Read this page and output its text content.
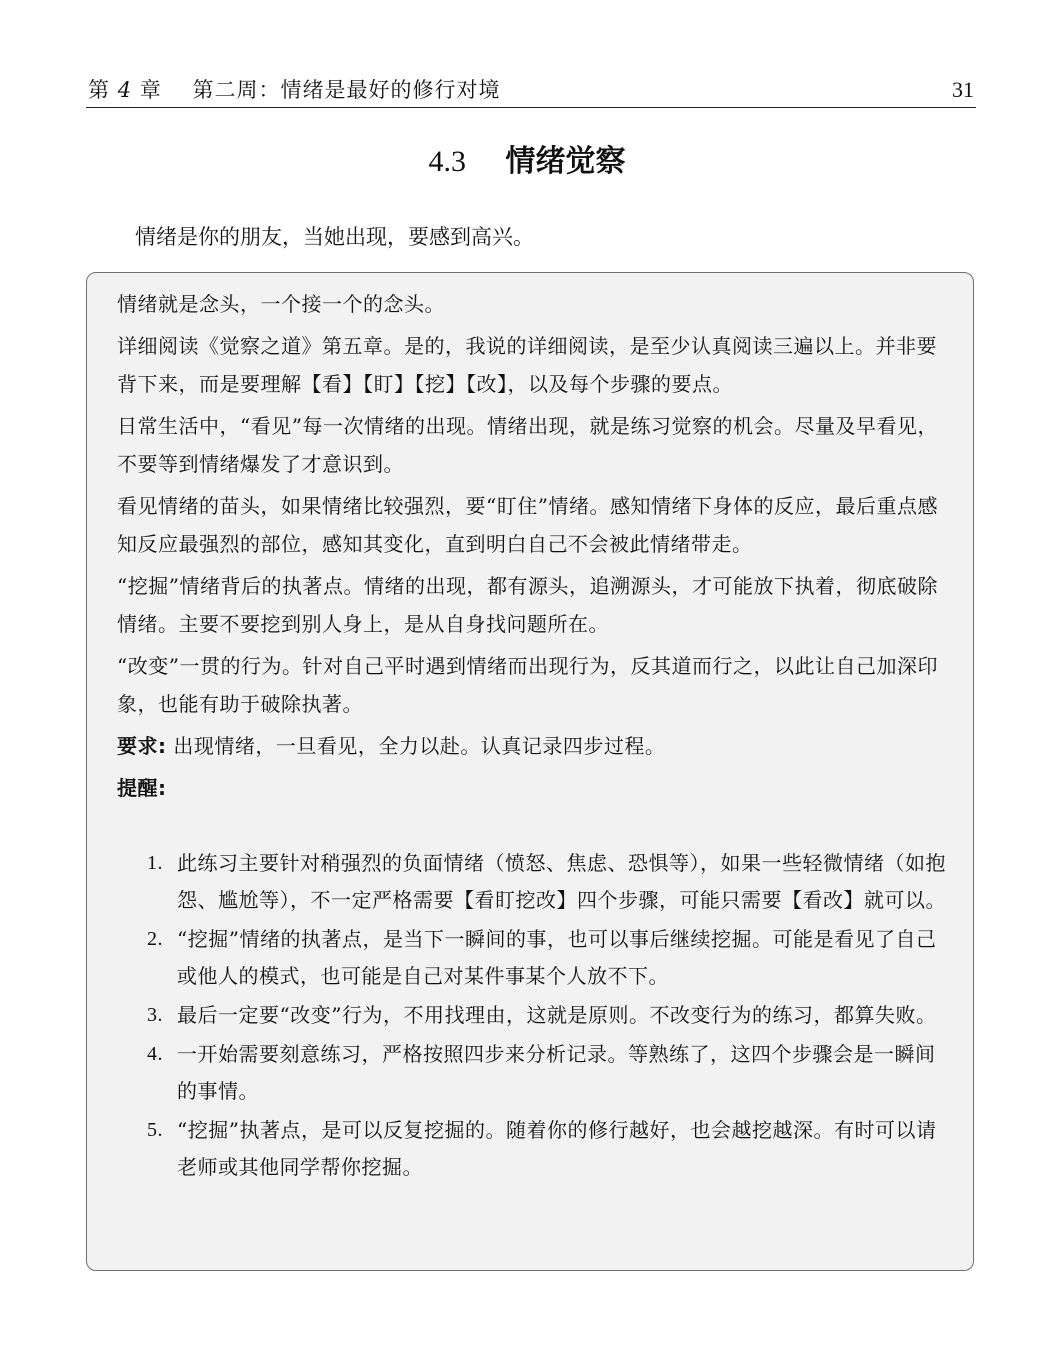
第 4 章 第二周：情绪是最好的修行对境	31
4.3 情绪觉察
情绪是你的朋友，当她出现，要感到高兴。

情绪就是念头，一个接一个的念头。

详细阅读《觉察之道》第五章。是的，我说的详细阅读，是至少认真阅读三遍以上。并非要背下来，而是要理解【看】【盯】【挖】【改】，以及每个步骤的要点。

日常生活中，“看见”每一次情绪的出现。情绪出现，就是练习觉察的机会。尽量及早看见，不要等到情绪爆发了才意识到。

看见情绪的苗头，如果情绪比较强烈，要“盯住”情绪。感知情绪下身体的反应，最后重点感知反应最强烈的部位，感知其变化，直到明白自己不会被此情绪带走。

“挖掘”情绪背后的执著点。情绪的出现，都有源头，追溯源头，才可能放下执着，彻底破除情绪。主要不要挖到别人身上，是从自身找问题所在。

“改变”一贯的行为。针对自己平时遇到情绪而出现行为，反其道而行之，以此让自己加深印象，也能有助于破除执著。

要求: 出现情绪，一旦看见，全力以赴。认真记录四步过程。

提醒:

1. 此练习主要针对稍强烈的负面情绪（愤怒、焦虑、恐惧等），如果一些轻微情绪（如抱怨、尴尬等），不一定严格需要【看盯挖改】四个步骤，可能只需要【看改】就可以。
2. “挖掘”情绪的执著点，是当下一瞬间的事，也可以事后继续挖掘。可能是看见了自己或他人的模式，也可能是自己对某件事某个人放不下。
3. 最后一定要“改变”行为，不用找理由，这就是原则。不改变行为的练习，都算失败。
4. 一开始需要刻意练习，严格按照四步来分析记录。等熟练了，这四个步骤会是一瞬间的事情。
5. “挖掘”执著点，是可以反复挖掘的。随着你的修行越好，也会越挖越深。有时可以请老师或其他同学帮你挖掘。
